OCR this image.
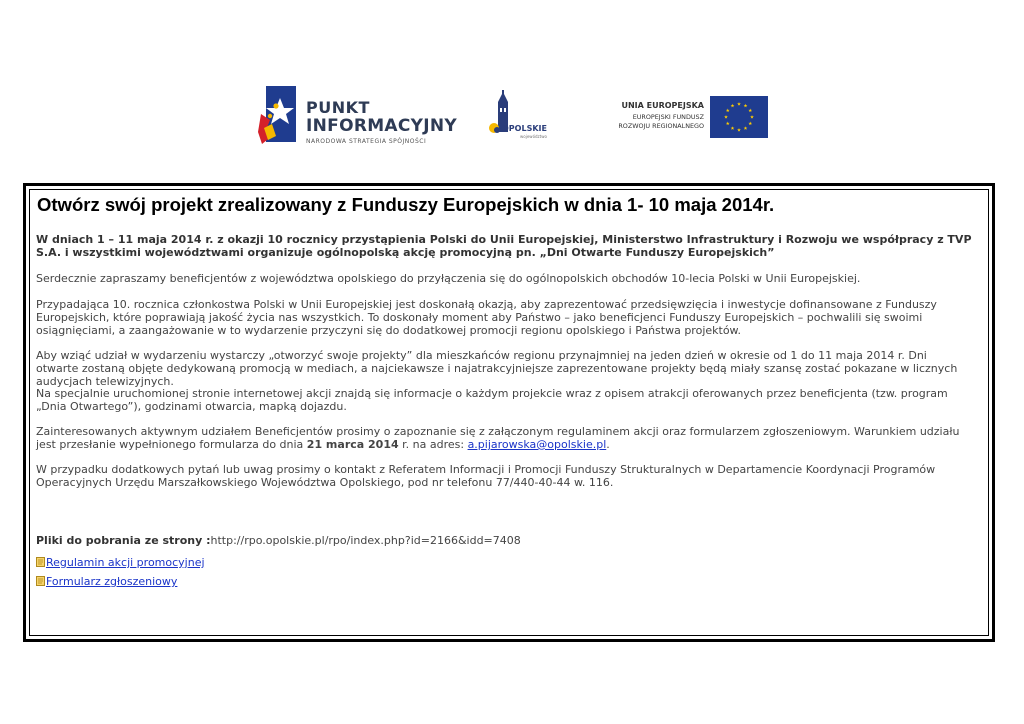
PUNKT
INFORMACYJNY
NARODOWA STRATEGIA SPÓJNOŚCI
OPOLSKIE
województwo
UNIA EUROPEJSKA
EUROPEJSKI FUNDUSZ
ROZWOJU REGIONALNEGO
Otwórz swój projekt zrealizowany z Funduszy Europejskich w dnia 1- 10 maja 2014r.

W dniach 1 – 11 maja 2014 r. z okazji 10 rocznicy przystąpienia Polski do Unii Europejskiej, Ministerstwo Infrastruktury i Rozwoju we współpracy z TVP S.A. i wszystkimi województwami organizuje ogólnopolską akcję promocyjną pn. „Dni Otwarte Funduszy Europejskich”

Serdecznie zapraszamy beneficjentów z województwa opolskiego do przyłączenia się do ogólnopolskich obchodów 10-lecia Polski w Unii Europejskiej.

Przypadająca 10. rocznica członkostwa Polski w Unii Europejskiej jest doskonałą okazją, aby zaprezentować przedsięwzięcia i inwestycje dofinansowane z Funduszy Europejskich, które poprawiają jakość życia nas wszystkich. To doskonały moment aby Państwo – jako beneficjenci Funduszy Europejskich – pochwalili się swoimi osiągnięciami, a zaangażowanie w to wydarzenie przyczyni się do dodatkowej promocji regionu opolskiego i Państwa projektów.

Aby wziąć udział w wydarzeniu wystarczy „otworzyć swoje projekty” dla mieszkańców regionu przynajmniej na jeden dzień w okresie od 1 do 11 maja 2014 r. Dni otwarte zostaną objęte dedykowaną promocją w mediach, a najciekawsze i najatrakcyjniejsze zaprezentowane projekty będą miały szansę zostać pokazane w licznych audycjach telewizyjnych.

Na specjalnie uruchomionej stronie internetowej akcji znajdą się informacje o każdym projekcie wraz z opisem atrakcji oferowanych przez beneficjenta (tzw. program „Dnia Otwartego”), godzinami otwarcia, mapką dojazdu.

Zainteresowanych aktywnym udziałem Beneficjentów prosimy o zapoznanie się z załączonym regulaminem akcji oraz formularzem zgłoszeniowym. Warunkiem udziału jest przesłanie wypełnionego formularza do dnia 21 marca 2014 r. na adres: a.pijarowska@opolskie.pl.

W przypadku dodatkowych pytań lub uwag prosimy o kontakt z Referatem Informacji i Promocji Funduszy Strukturalnych w Departamencie Koordynacji Programów Operacyjnych Urzędu Marszałkowskiego Województwa Opolskiego, pod nr telefonu 77/440-40-44 w. 116.

Pliki do pobrania ze strony :http://rpo.opolskie.pl/rpo/index.php?id=2166&idd=7408

Regulamin akcji promocyjnej
Formularz zgłoszeniowy
